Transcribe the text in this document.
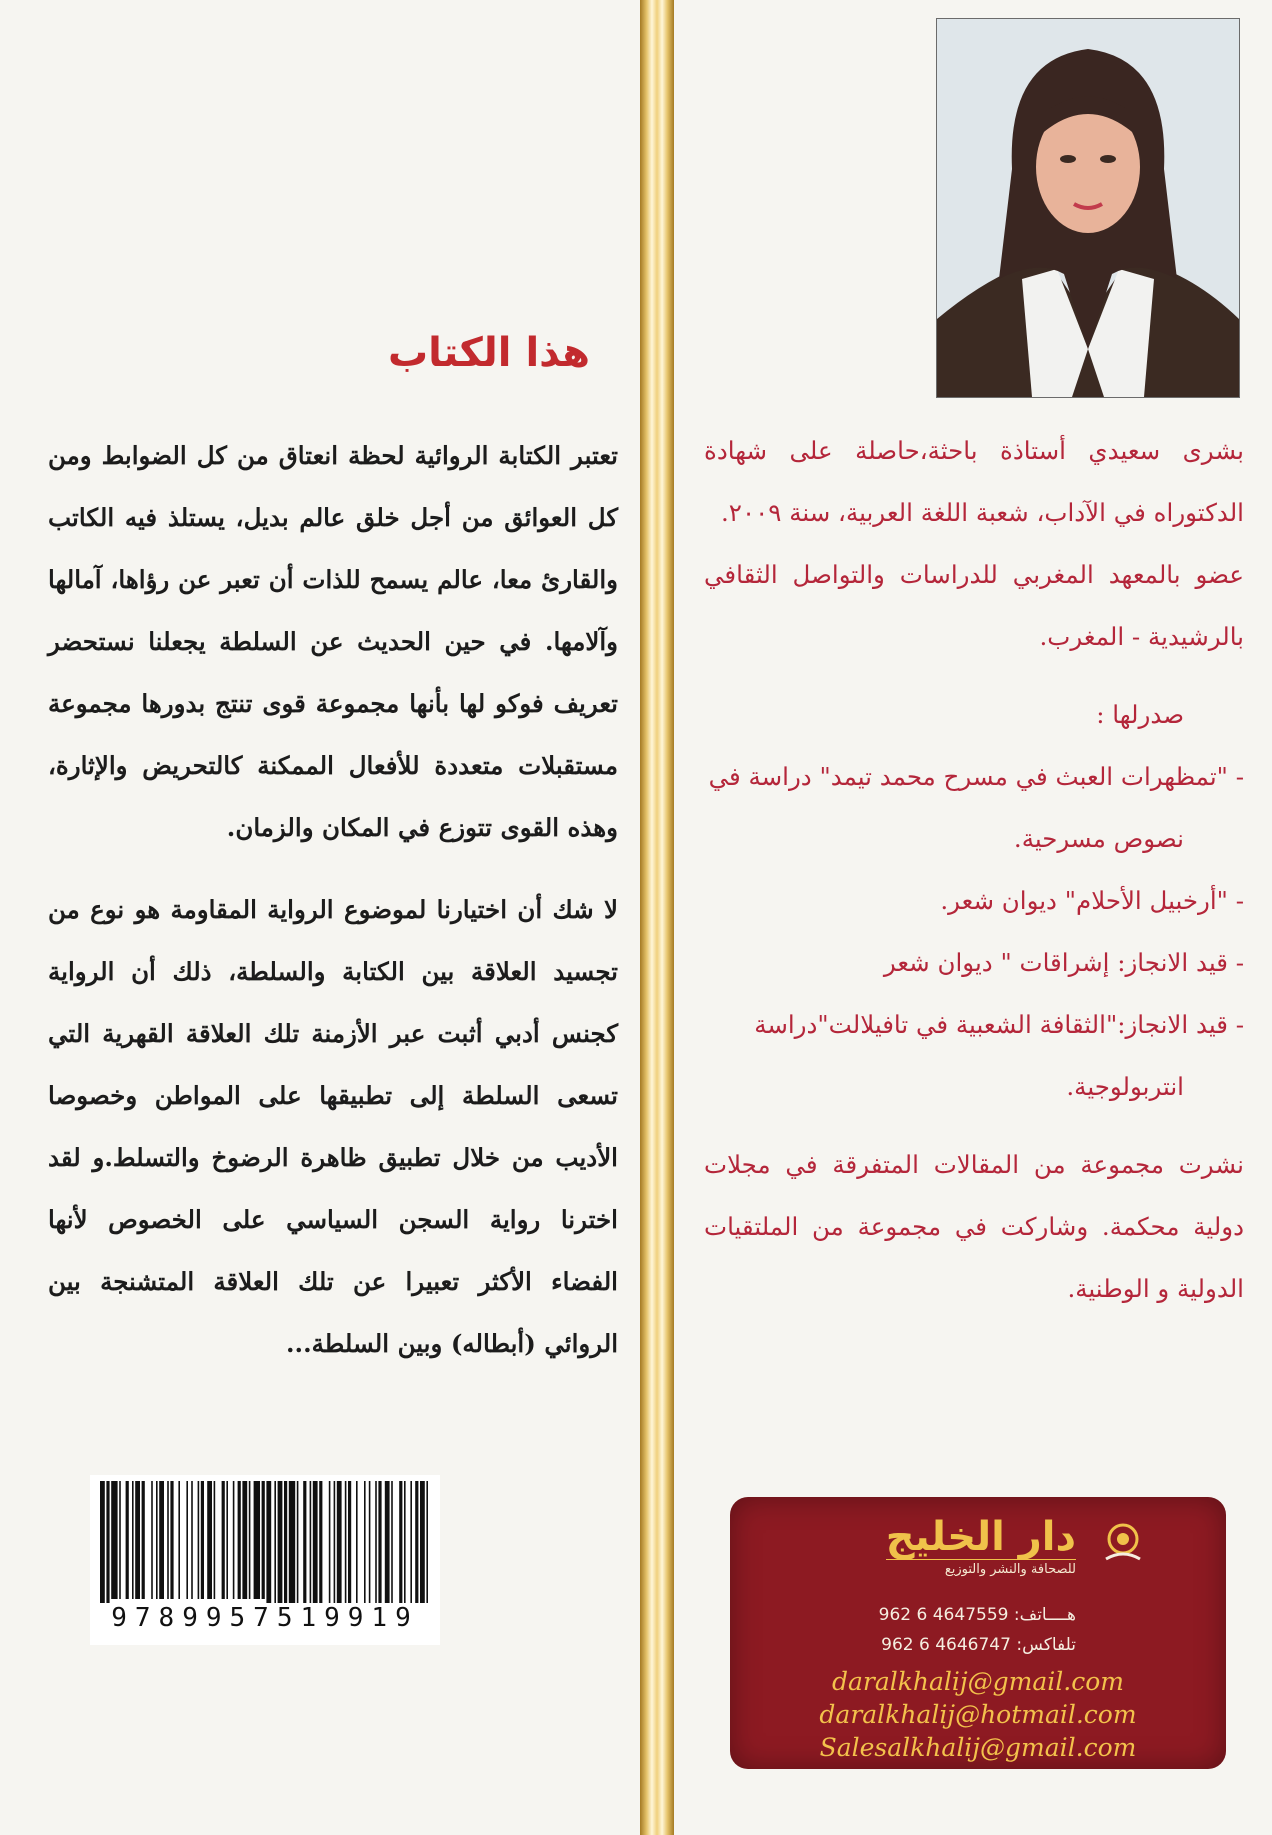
هذا الكتاب

تعتبر الكتابة الروائية لحظة انعتاق من كل الضوابط ومن كل العوائق من أجل خلق عالم بديل، يستلذ فيه الكاتب والقارئ معا، عالم يسمح للذات أن تعبر عن رؤاها، آمالها وآلامها. في حين الحديث عن السلطة يجعلنا نستحضر تعريف فوكو لها بأنها مجموعة قوى تنتج بدورها مجموعة مستقبلات متعددة للأفعال الممكنة كالتحريض والإثارة، وهذه القوى تتوزع في المكان والزمان.

لا شك أن اختيارنا لموضوع الرواية المقاومة هو نوع من تجسيد العلاقة بين الكتابة والسلطة، ذلك أن الرواية كجنس أدبي أثبت عبر الأزمنة تلك العلاقة القهرية التي تسعى السلطة إلى تطبيقها على المواطن وخصوصا الأديب من خلال تطبيق ظاهرة الرضوخ والتسلط.و لقد اخترنا رواية السجن السياسي على الخصوص لأنها الفضاء الأكثر تعبيرا عن تلك العلاقة المتشنجة بين الروائي (أبطاله) وبين السلطة...

9789957519919

بشرى سعيدي أستاذة باحثة،حاصلة على شهادة الدكتوراه في الآداب، شعبة اللغة العربية، سنة ٢٠٠٩.

عضو بالمعهد المغربي للدراسات والتواصل الثقافي بالرشيدية - المغرب.

صدرلها :

- "تمظهرات العبث في مسرح محمد تيمد" دراسة في

نصوص مسرحية.

- "أرخبيل الأحلام" ديوان شعر.

- قيد الانجاز: إشراقات " ديوان شعر

- قيد الانجاز:"الثقافة الشعبية في تافيلالت"دراسة

انتربولوجية.

نشرت مجموعة من المقالات المتفرقة في مجلات دولية محكمة. وشاركت في مجموعة من الملتقيات الدولية و الوطنية.

دار الخليج
للصحافة والنشر والتوزيع
هــــاتف: 962 6 4647559
تلفاكس: 962 6 4646747
daralkhalij@gmail.com
daralkhalij@hotmail.com
Salesalkhalij@gmail.com
